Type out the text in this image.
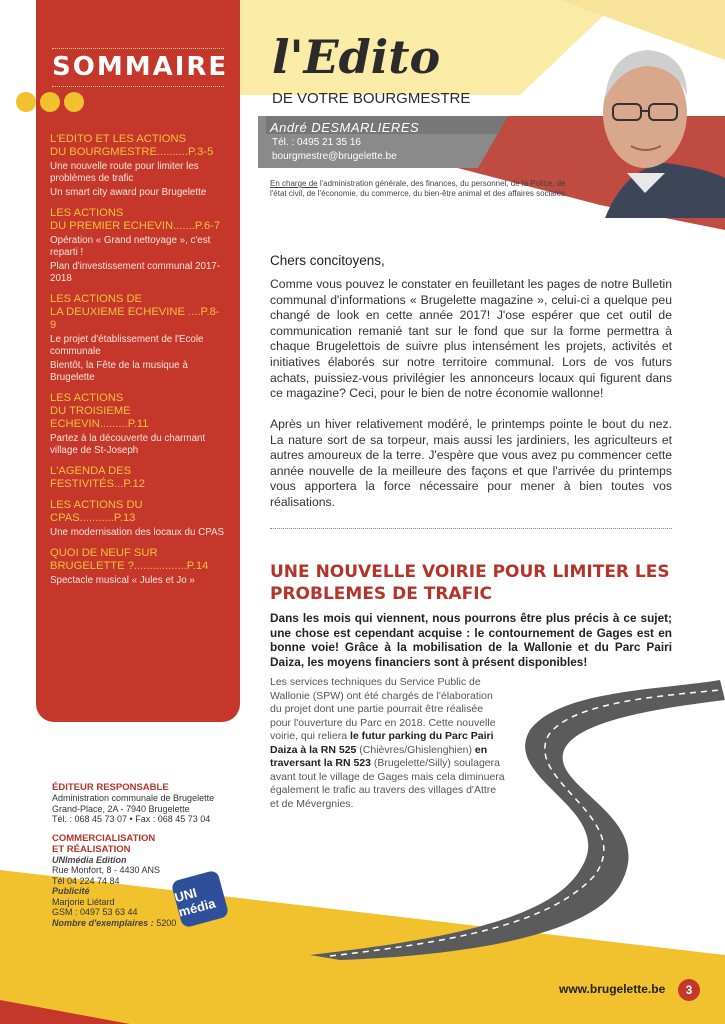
SOMMAIRE
L'EDITO ET LES ACTIONS
DU BOURGMESTRE..........P.3-5
Une nouvelle route pour limiter les problèmes de trafic
Un smart city award pour Brugelette
LES ACTIONS
DU PREMIER ECHEVIN.......P.6-7
Opération « Grand nettoyage », c'est reparti !
Plan d'investissement communal 2017-2018
LES ACTIONS DE
LA DEUXIEME ECHEVINE ....P.8-9
Le projet d'établissement de l'Ecole communale
Bientôt, la Fête de la musique à Brugelette
LES ACTIONS
DU TROISIEME ECHEVIN.........P.11
Partez à la découverte du charmant village de St-Joseph
L'AGENDA DES FESTIVITÉS...P.12
LES ACTIONS DU CPAS...........P.13
Une modernisation des locaux du CPAS
QUOI DE NEUF SUR
BRUGELETTE ?.................P.14
Spectacle musical « Jules et Jo »
ÉDITEUR RESPONSABLE
Administration communale de Brugelette
Grand-Place, 2A - 7940 Brugelette
Tél. : 068 45 73 07 • Fax : 068 45 73 04
COMMERCIALISATION
ET RÉALISATION
UNImédia Edition
Rue Monfort, 8 - 4430 ANS
Tél 04 224 74 84
Publicité
Marjorie Liétard
GSM : 0497 53 63 44
Nombre d'exemplaires : 5200
UNI média
l'Edito
DE VOTRE BOURGMESTRE
André DESMARLIERES
Tél. : 0495 21 35 16
bourgmestre@brugelette.be
En charge de l'administration générale, des finances, du personnel, de la Police, de l'état civil, de l'économie, du commerce, du bien-être animal et des affaires sociales.
Chers concitoyens,
Comme vous pouvez le constater en feuilletant les pages de notre Bulletin communal d'informations « Brugelette magazine », celui-ci a quelque peu changé de look en cette année 2017! J'ose espérer que cet outil de communication remanié tant sur le fond que sur la forme permettra à chaque Brugelettois de suivre plus intensément les projets, activités et initiatives élaborés sur notre territoire communal. Lors de vos futurs achats, puissiez-vous privilégier les annonceurs locaux qui figurent dans ce magazine? Ceci, pour le bien de notre économie wallonne!
Après un hiver relativement modéré, le printemps pointe le bout du nez. La nature sort de sa torpeur, mais aussi les jardiniers, les agriculteurs et autres amoureux de la terre. J'espère que vous avez pu commencer cette année nouvelle de la meilleure des façons et que l'arrivée du printemps vous apportera la force nécessaire pour mener à bien toutes vos réalisations.
UNE NOUVELLE VOIRIE POUR LIMITER LES PROBLEMES DE TRAFIC
Dans les mois qui viennent, nous pourrons être plus précis à ce sujet; une chose est cependant acquise : le contournement de Gages est en bonne voie! Grâce à la mobilisation de la Wallonie et du Parc Pairi Daiza, les moyens financiers sont à présent disponibles!
Les services techniques du Service Public de Wallonie (SPW) ont été chargés de l'élaboration du projet dont une partie pourrait être réalisée pour l'ouverture du Parc en 2018. Cette nouvelle voirie, qui reliera le futur parking du Parc Pairi Daiza à la RN 525 (Chièvres/Ghislenghien) en traversant la RN 523 (Brugelette/Silly) soulagera avant tout le village de Gages mais cela diminuera également le trafic au travers des villages d'Attre et de Mévergnies.
www.brugelette.be	3
